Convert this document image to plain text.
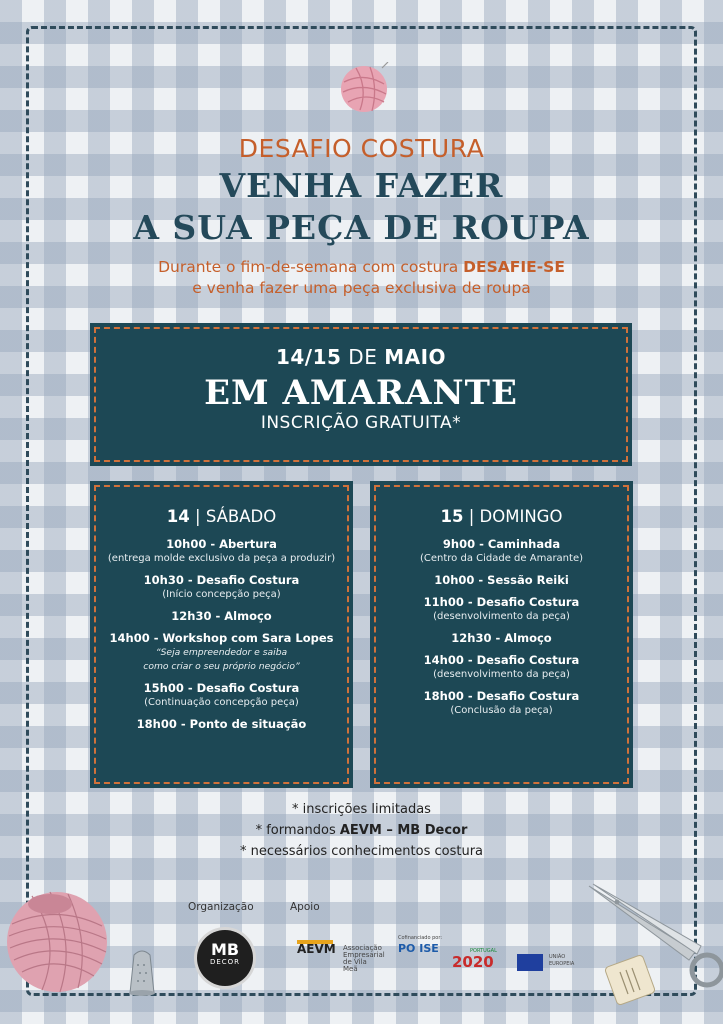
DESAFIO COSTURA
VENHA FAZER
A SUA PEÇA DE ROUPA
Durante o fim-de-semana com costura DESAFIE-SE
e venha fazer uma peça exclusiva de roupa
14/15 DE MAIO
EM AMARANTE
INSCRIÇÃO GRATUITA*
14 | SÁBADO
10h00 - Abertura
(entrega molde exclusivo da peça a produzir)
10h30 - Desafio Costura
(Início concepção peça)
12h30 - Almoço
14h00 - Workshop com Sara Lopes
“Seja empreendedor e saiba
como criar o seu próprio negócio”
15h00 - Desafio Costura
(Continuação concepção peça)
18h00 - Ponto de situação
15 | DOMINGO
9h00 - Caminhada
(Centro da Cidade de Amarante)
10h00 - Sessão Reiki
11h00 - Desafio Costura
(desenvolvimento da peça)
12h30 - Almoço
14h00 - Desafio Costura
(desenvolvimento da peça)
18h00 - Desafio Costura
(Conclusão da peça)
* inscrições limitadas
* formandos AEVM – MB Decor
* necessários conhecimentos costura
Organização	Apoio
MB
DECOR
AEVM Associação Empresarial de Vila Meã
Cofinanciado por:
PO ISE	PORTUGAL
2020	UNIÃO EUROPEIA
